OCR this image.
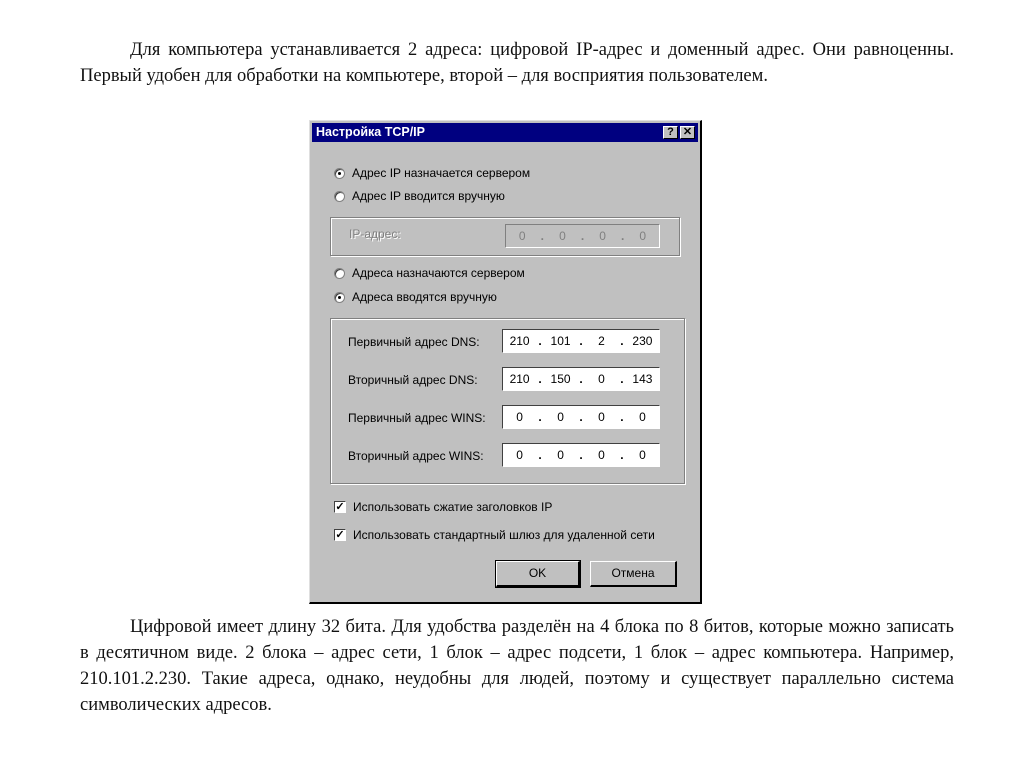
Для компьютера устанавливается 2 адреса: цифровой IP-адрес и доменный адрес. Они равноценны. Первый удобен для обработки на компьютере, второй – для восприятия пользователем.

Настройка TCP/IP	? ✕
Адрес IP назначается сервером
Адрес IP вводится вручную
IP-адрес:	0	.	0	.	0	.	0
Адреса назначаются сервером
Адреса вводятся вручную
Первичный адрес DNS:	210 . 101 .	2	. 230
Вторичный адрес DNS:	210 . 150 .	0	. 143
Первичный адрес WINS:	0	.	0	.	0	.	0
Вторичный адрес WINS:	0	.	0	.	0	.	0
✓ Использовать сжатие заголовков IP
✓ Использовать стандартный шлюз для удаленной сети
OK	Отмена

Цифровой имеет длину 32 бита. Для удобства разделён на 4 блока по 8 битов, которые можно записать в десятичном виде. 2 блока – адрес сети, 1 блок – адрес подсети, 1 блок – адрес компьютера. Например, 210.101.2.230. Такие адреса, однако, неудобны для людей, поэтому и существует параллельно система символических адресов.
